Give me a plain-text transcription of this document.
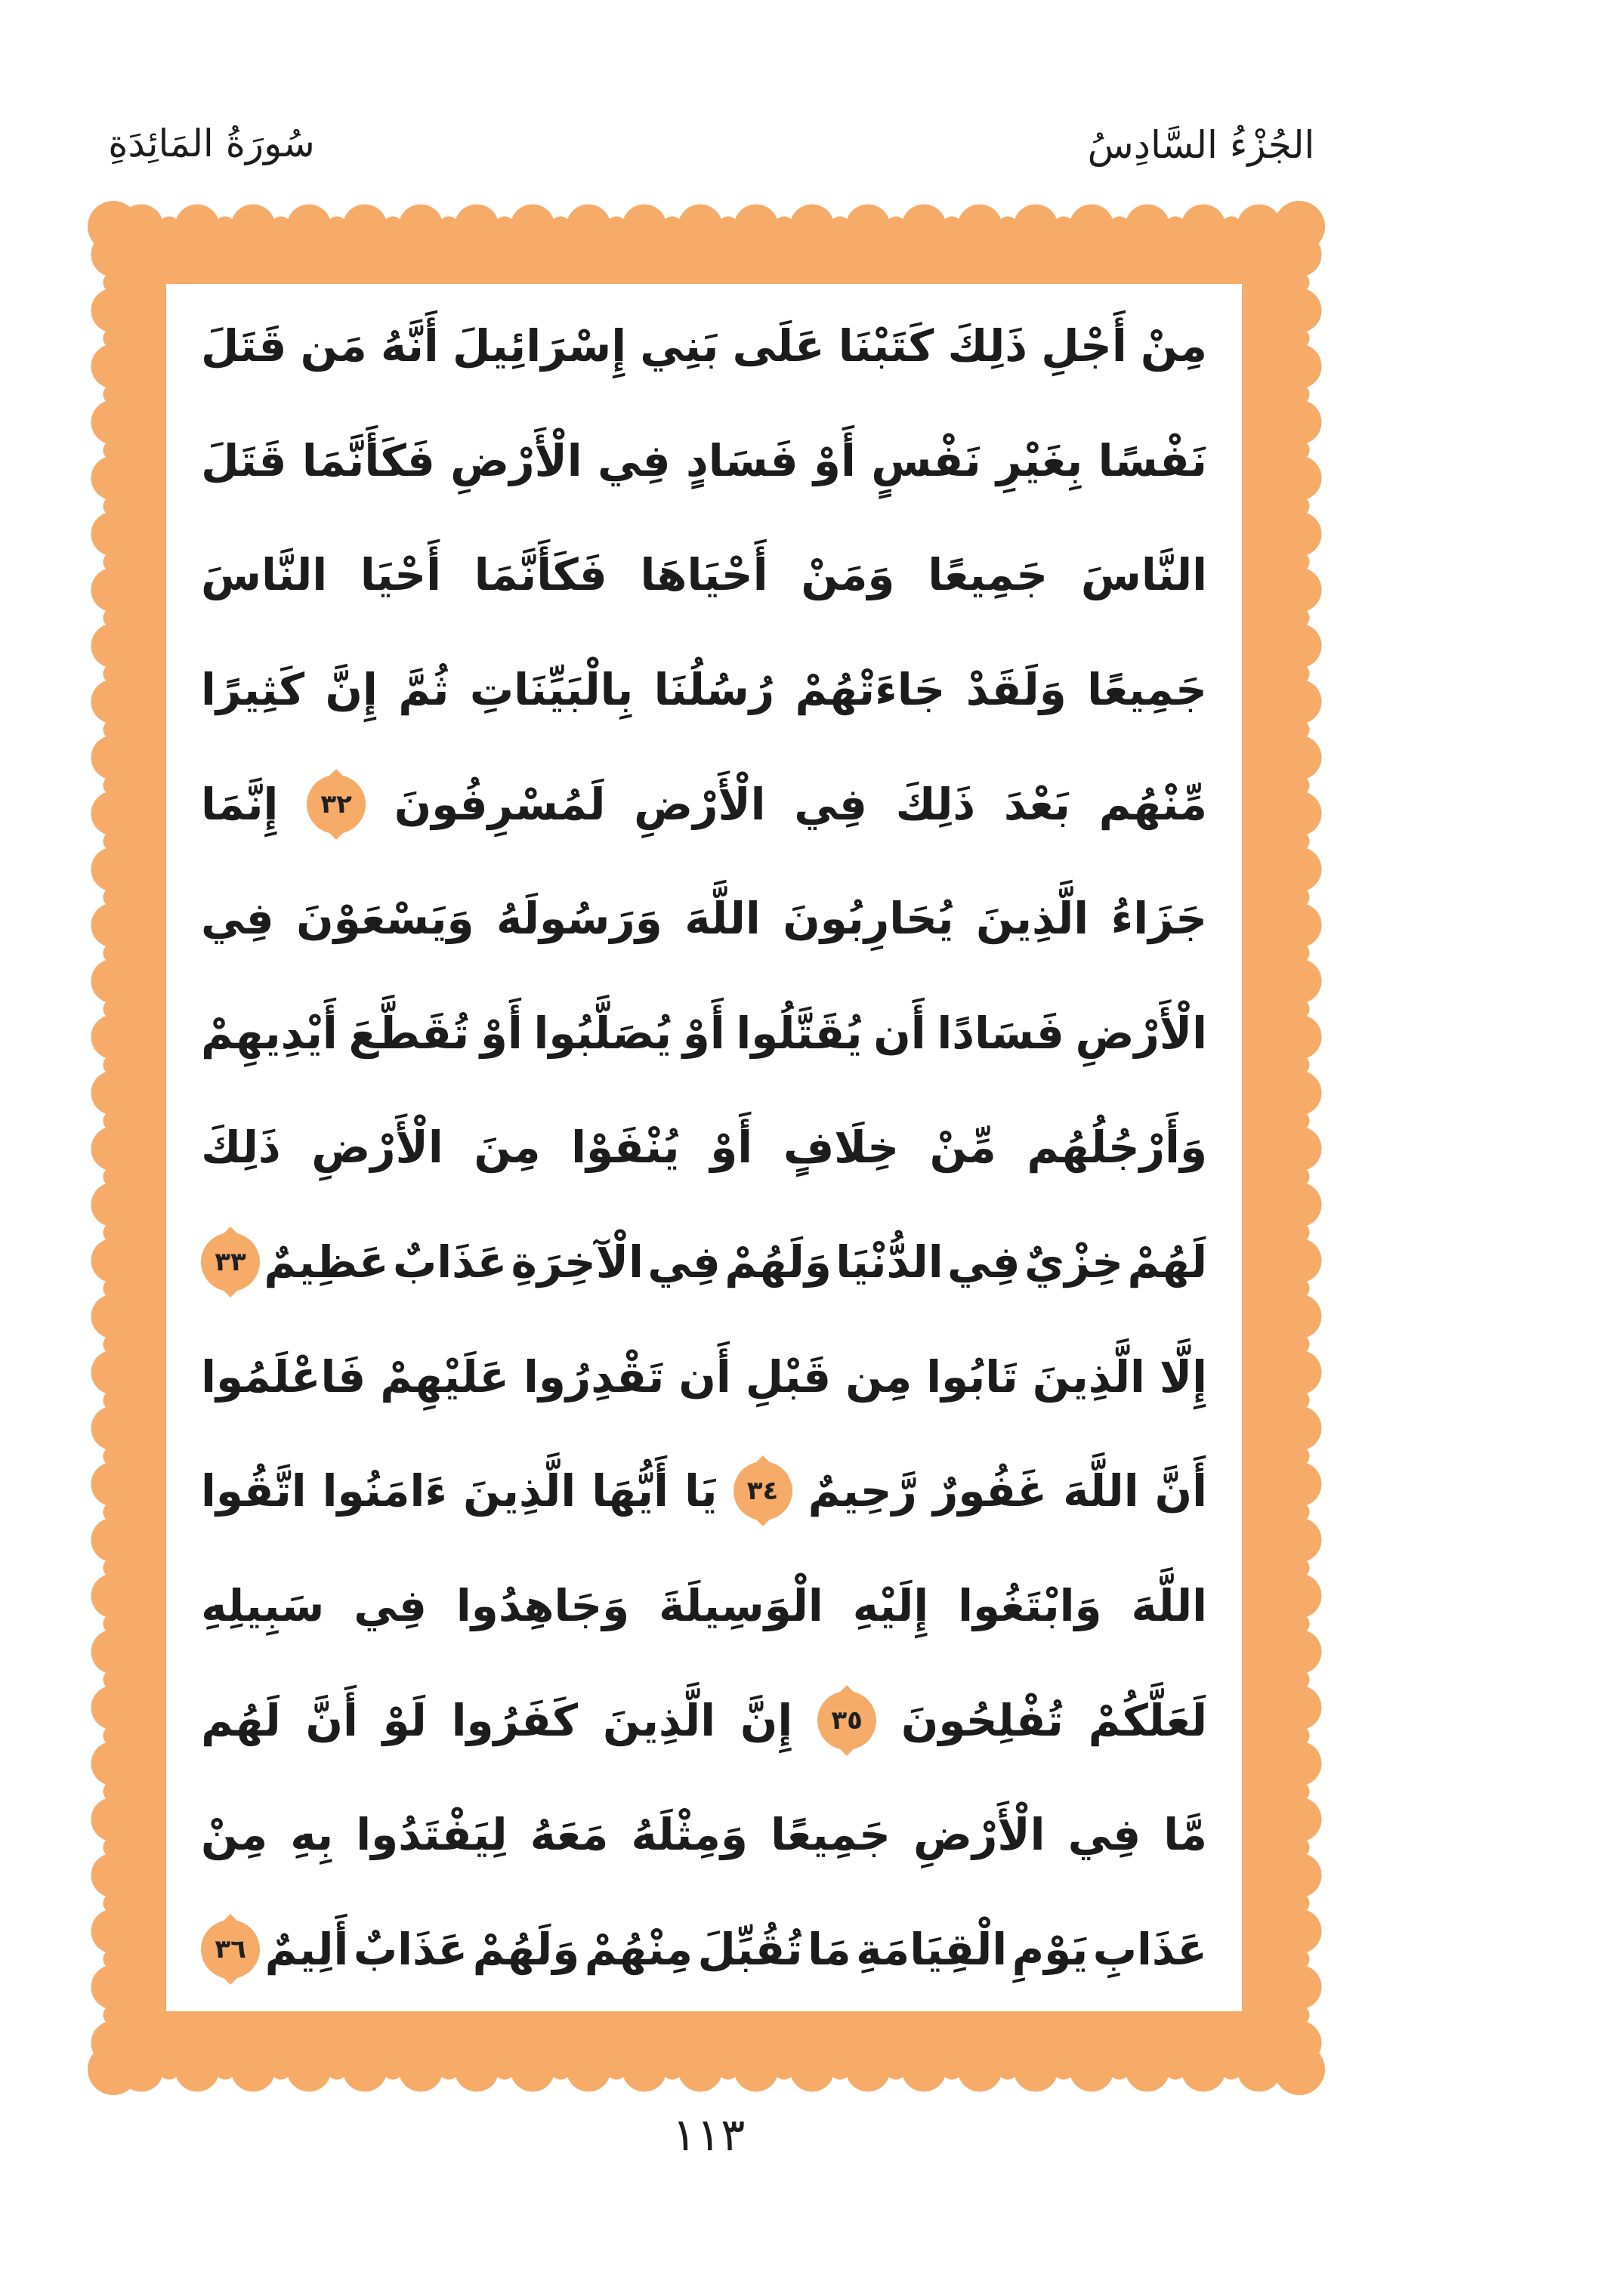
سُورَةُ المَائِدَةِ	الجُزْءُ السَّادِسُ
مِنْ
أَجْلِ
ذَلِكَ
كَتَبْنَا
عَلَى
بَنِي
إِسْرَائِيلَ
أَنَّهُ
مَن
قَتَلَ
نَفْسًا
بِغَيْرِ
نَفْسٍ
أَوْ
فَسَادٍ
فِي
الْأَرْضِ
فَكَأَنَّمَا
قَتَلَ
النَّاسَ
جَمِيعًا
وَمَنْ
أَحْيَاهَا
فَكَأَنَّمَا
أَحْيَا
النَّاسَ
جَمِيعًا
وَلَقَدْ
جَاءَتْهُمْ
رُسُلُنَا
بِالْبَيِّنَاتِ
ثُمَّ
إِنَّ
كَثِيرًا
مِّنْهُم
بَعْدَ
ذَلِكَ
فِي
الْأَرْضِ
لَمُسْرِفُونَ
٣٢
إِنَّمَا
جَزَاءُ
الَّذِينَ
يُحَارِبُونَ
اللَّهَ
وَرَسُولَهُ
وَيَسْعَوْنَ
فِي
الْأَرْضِ
فَسَادًا
أَن
يُقَتَّلُوا
أَوْ
يُصَلَّبُوا
أَوْ
تُقَطَّعَ
أَيْدِيهِمْ
وَأَرْجُلُهُم
مِّنْ
خِلَافٍ
أَوْ
يُنْفَوْا
مِنَ
الْأَرْضِ
ذَلِكَ
لَهُمْ
خِزْيٌ
فِي
الدُّنْيَا
وَلَهُمْ
فِي
الْآخِرَةِ
عَذَابٌ
عَظِيمٌ
٣٣
إِلَّا
الَّذِينَ
تَابُوا
مِن
قَبْلِ
أَن
تَقْدِرُوا
عَلَيْهِمْ
فَاعْلَمُوا
أَنَّ
اللَّهَ
غَفُورٌ
رَّحِيمٌ
٣٤
يَا
أَيُّهَا
الَّذِينَ
ءَامَنُوا
اتَّقُوا
اللَّهَ
وَابْتَغُوا
إِلَيْهِ
الْوَسِيلَةَ
وَجَاهِدُوا
فِي
سَبِيلِهِ
لَعَلَّكُمْ
تُفْلِحُونَ
٣٥
إِنَّ
الَّذِينَ
كَفَرُوا
لَوْ
أَنَّ
لَهُم
مَّا
فِي
الْأَرْضِ
جَمِيعًا
وَمِثْلَهُ
مَعَهُ
لِيَفْتَدُوا
بِهِ
مِنْ
عَذَابِ
يَوْمِ
الْقِيَامَةِ
مَا
تُقُبِّلَ
مِنْهُمْ
وَلَهُمْ
عَذَابٌ
أَلِيمٌ
٣٦
١١٣
